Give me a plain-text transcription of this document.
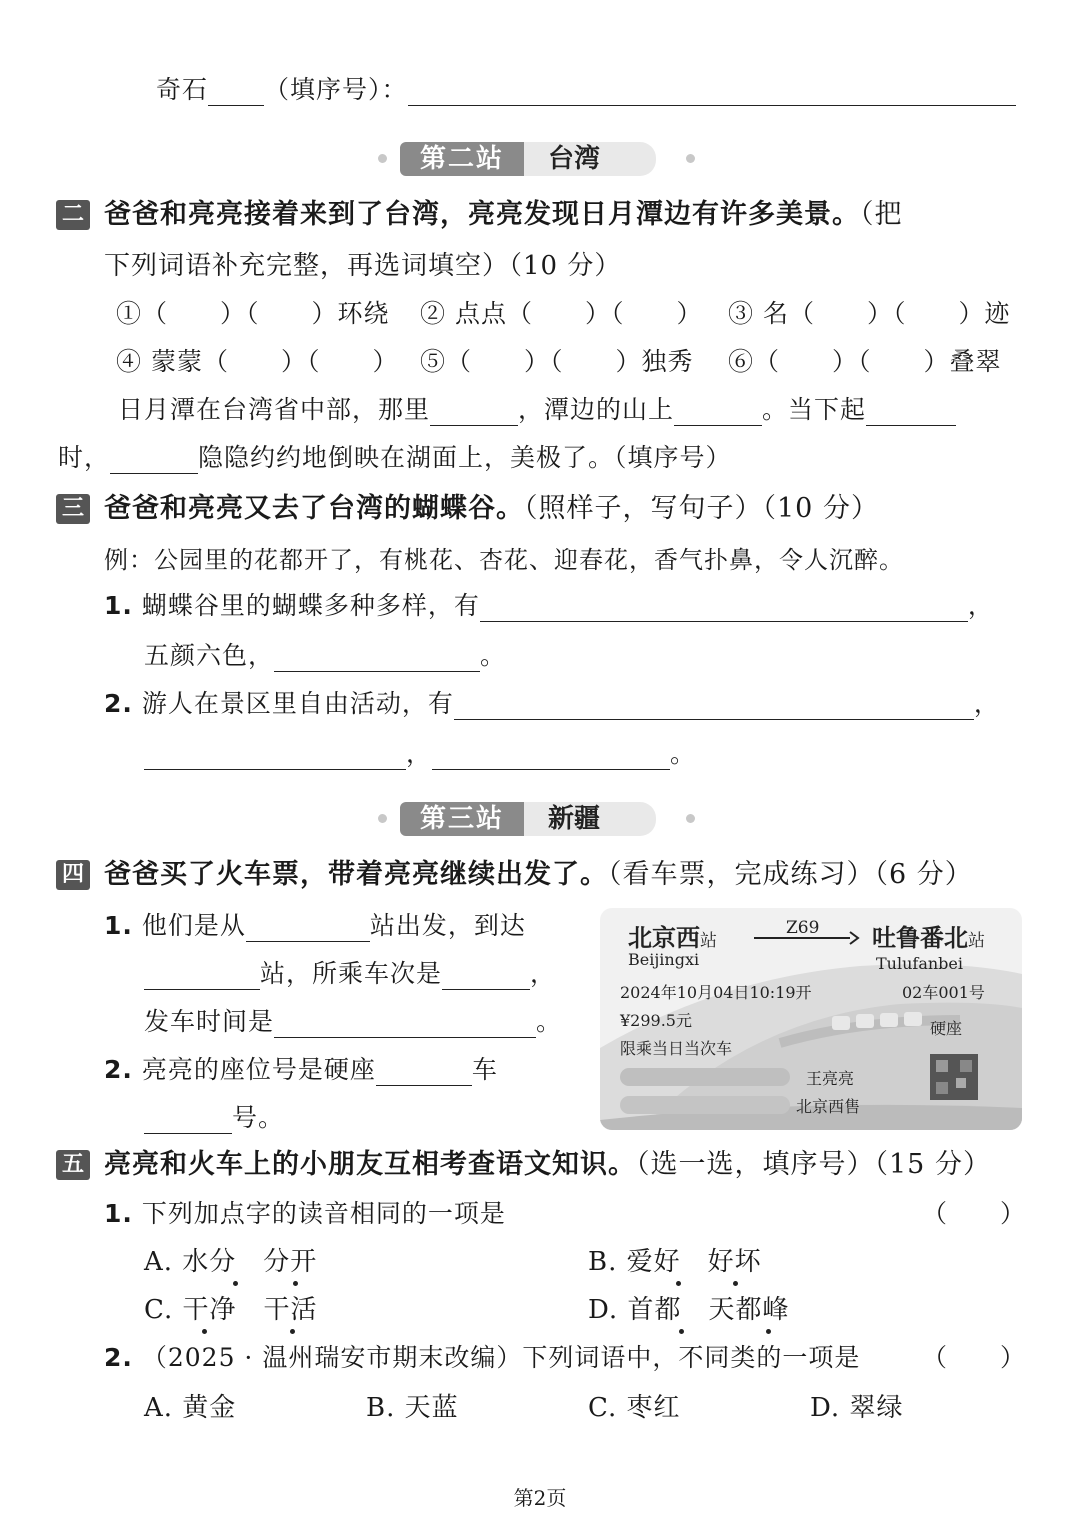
奇石 （填序号）：
第二站	台湾
二 爸爸和亮亮接着来到了台湾，亮亮发现日月潭边有许多美景。（把
下列词语补充完整，再选词填空）（10 分）
①（　　）（　　）环绕 ② 点点（　　）（　　） ③ 名（　　）（　　）迹
④ 蒙蒙（　　）（　　） ⑤（　　）（　　）独秀 ⑥（　　）（　　）叠翠
日月潭在台湾省中部，那里	，潭边的山上	。当下起
时，	隐隐约约地倒映在湖面上，美极了。（填序号）
三 爸爸和亮亮又去了台湾的蝴蝶谷。（照样子，写句子）（10 分）
例：公园里的花都开了，有桃花、杏花、迎春花，香气扑鼻，令人沉醉。
1. 蝴蝶谷里的蝴蝶多种多样，有	，
五颜六色，	。
2. 游人在景区里自由活动，有	，
，	。
第三站	新疆
四 爸爸买了火车票，带着亮亮继续出发了。（看车票，完成练习）（6 分）
1. 他们是从	站出发，到达
站，所乘车次是	，
发车时间是	。
2. 亮亮的座位号是硬座	车
号。
北京西站
Z69 吐鲁番北站
Beijingxi	Tulufanbei
2024年10月04日10:19开	02车001号
¥299.5元	硬座
限乘当日当次车
王亮亮
北京西售
五 亮亮和火车上的小朋友互相考查语文知识。（选一选，填序号）（15 分）
1. 下列加点字的读音相同的一项是	（　　）
A. 水分　分开	B. 爱好　好坏
C. 干净　干活	D. 首都　天都峰
2. （2025 · 温州瑞安市期末改编）下列词语中，不同类的一项是 （　　）
A. 黄金	B. 天蓝	C. 枣红	D. 翠绿
第2页
